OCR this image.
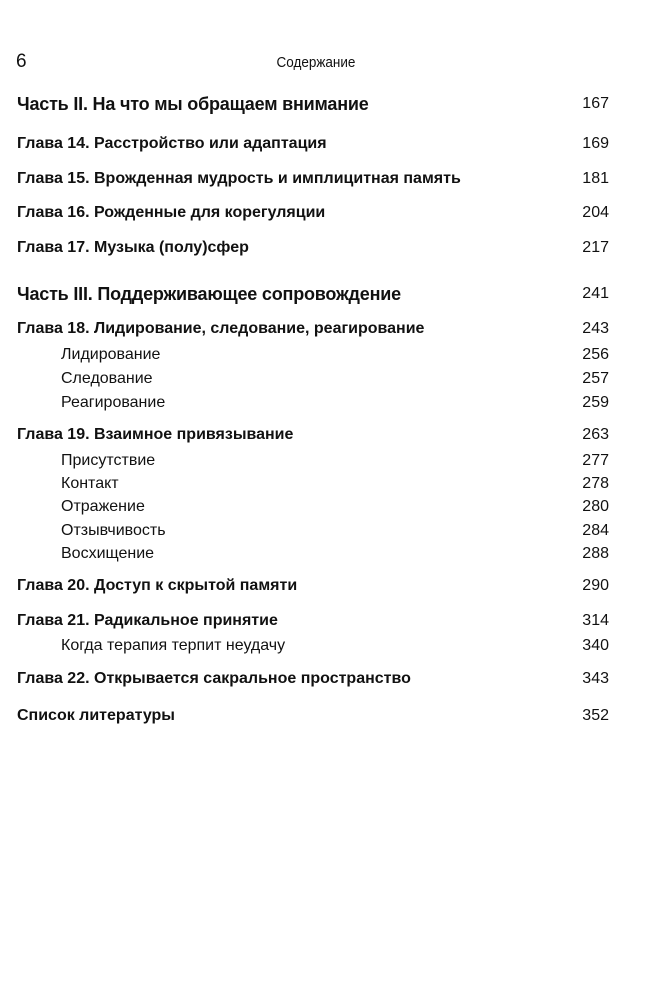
6	Содержание
Часть II. На что мы обращаем внимание	167
Глава 14. Расстройство или адаптация	169
Глава 15. Врожденная мудрость и имплицитная память	181
Глава 16. Рожденные для корегуляции	204
Глава 17. Музыка (полу)сфер	217
Часть III. Поддерживающее сопровождение	241
Глава 18. Лидирование, следование, реагирование	243
Лидирование	256
Следование	257
Реагирование	259
Глава 19. Взаимное привязывание	263
Присутствие	277
Контакт	278
Отражение	280
Отзывчивость	284
Восхищение	288
Глава 20. Доступ к скрытой памяти	290
Глава 21. Радикальное принятие	314
Когда терапия терпит неудачу	340
Глава 22. Открывается сакральное пространство	343
Список литературы	352
